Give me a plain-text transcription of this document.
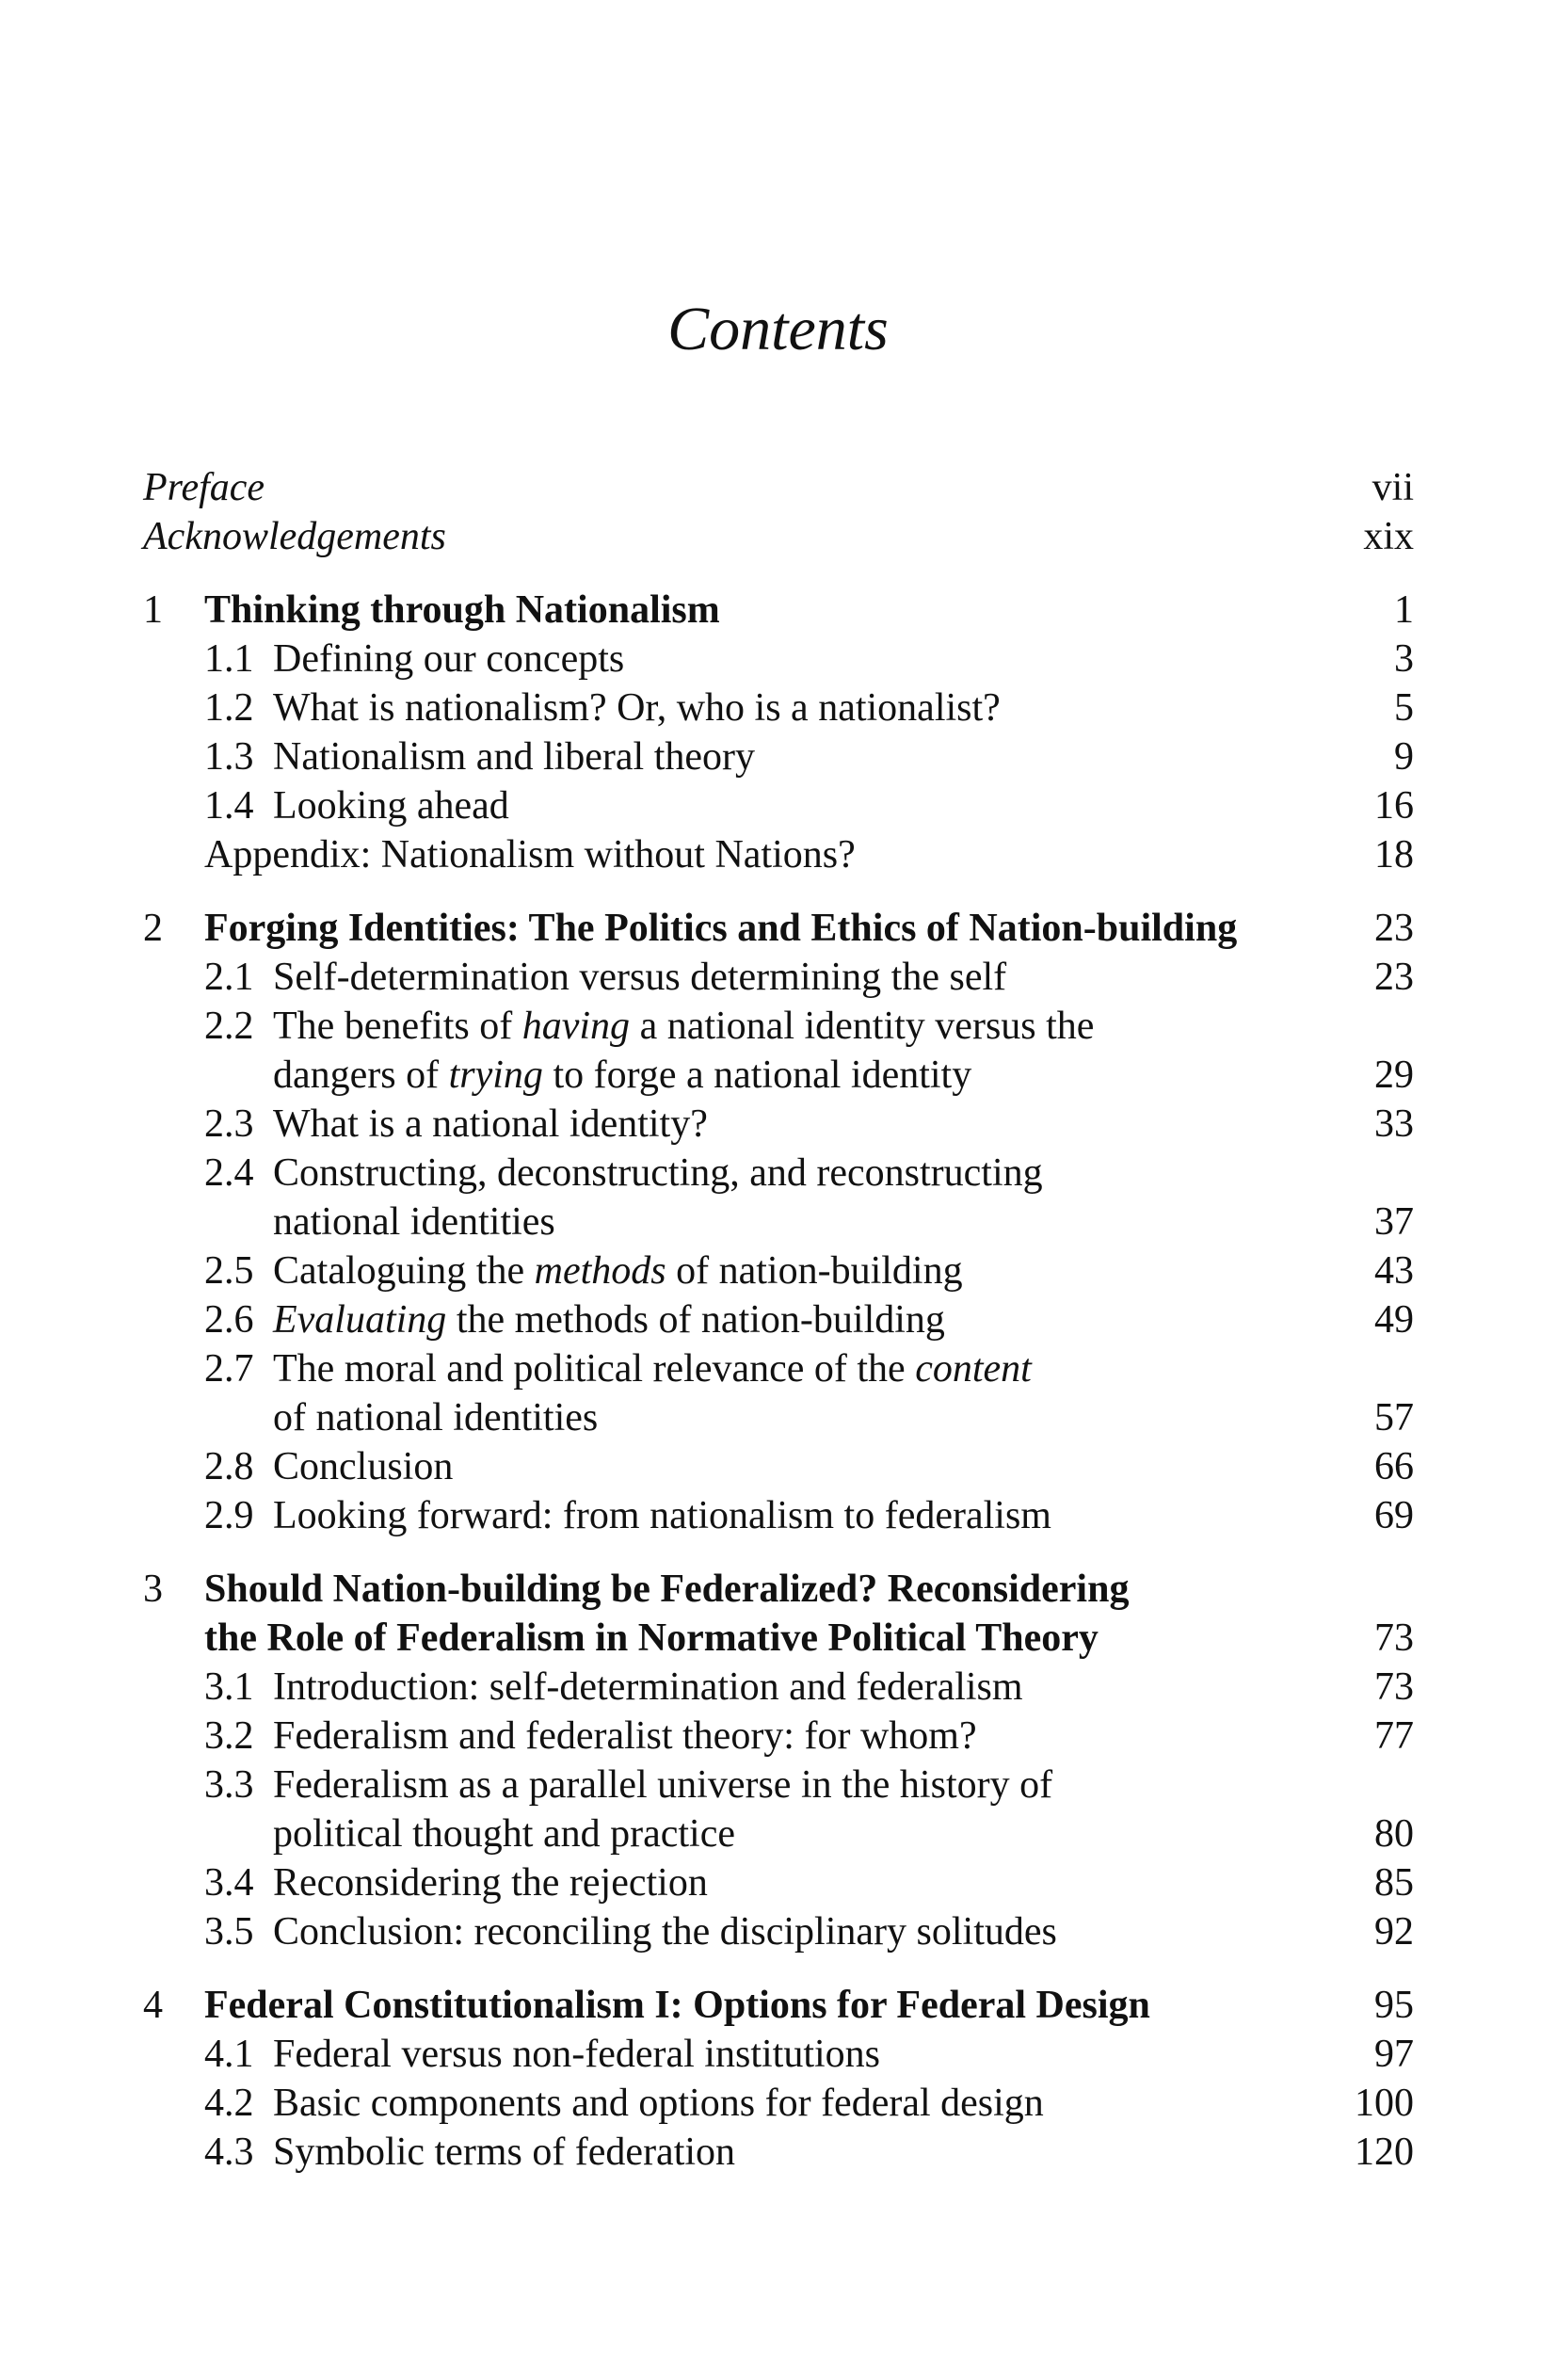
Contents
Preface	vii
Acknowledgements	xix
1	Thinking through Nationalism	1
1.1 Defining our concepts	3
1.2 What is nationalism? Or, who is a nationalist?	5
1.3 Nationalism and liberal theory	9
1.4 Looking ahead	16
Appendix: Nationalism without Nations?	18
2	Forging Identities: The Politics and Ethics of Nation-building	23
2.1 Self-determination versus determining the self	23
2.2 The benefits of having a national identity versus the
dangers of trying to forge a national identity	29
2.3 What is a national identity?	33
2.4 Constructing, deconstructing, and reconstructing
national identities	37
2.5 Cataloguing the methods of nation-building	43
2.6 Evaluating the methods of nation-building	49
2.7 The moral and political relevance of the content
of national identities	57
2.8 Conclusion	66
2.9 Looking forward: from nationalism to federalism	69
3	Should Nation-building be Federalized? Reconsidering
the Role of Federalism in Normative Political Theory	73
3.1 Introduction: self-determination and federalism	73
3.2 Federalism and federalist theory: for whom?	77
3.3 Federalism as a parallel universe in the history of
political thought and practice	80
3.4 Reconsidering the rejection	85
3.5 Conclusion: reconciling the disciplinary solitudes	92
4	Federal Constitutionalism I: Options for Federal Design	95
4.1 Federal versus non-federal institutions	97
4.2 Basic components and options for federal design	100
4.3 Symbolic terms of federation	120
